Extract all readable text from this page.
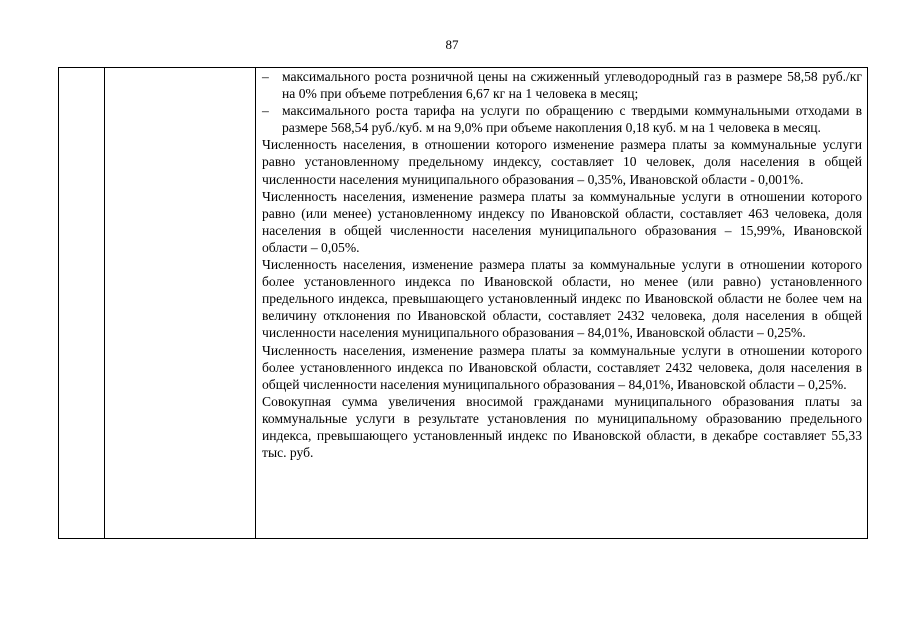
87
– максимального роста розничной цены на сжиженный углеводородный газ в размере 58,58 руб./кг на 0% при объеме потребления 6,67 кг на 1 человека в месяц;
– максимального роста тарифа на услуги по обращению с твердыми коммунальными отходами в размере 568,54 руб./куб. м на 9,0% при объеме накопления 0,18 куб. м на 1 человека в месяц.

Численность населения, в отношении которого изменение размера платы за коммунальные услуги равно установленному предельному индексу, составляет 10 человек, доля населения в общей численности населения муниципального образования – 0,35%, Ивановской области - 0,001%.

Численность населения, изменение размера платы за коммунальные услуги в отношении которого равно (или менее) установленному индексу по Ивановской области, составляет 463 человека, доля населения в общей численности населения муниципального образования – 15,99%, Ивановской области – 0,05%.

Численность населения, изменение размера платы за коммунальные услуги в отношении которого более установленного индекса по Ивановской области, но менее (или равно) установленного предельного индекса, превышающего установленный индекс по Ивановской области не более чем на величину отклонения по Ивановской области, составляет 2432 человека, доля населения в общей численности населения муниципального образования – 84,01%, Ивановской области – 0,25%.

Численность населения, изменение размера платы за коммунальные услуги в отношении которого более установленного индекса по Ивановской области, составляет 2432 человека, доля населения в общей численности населения муниципального образования – 84,01%, Ивановской области – 0,25%.

Совокупная сумма увеличения вносимой гражданами муниципального образования платы за коммунальные услуги в результате установления по муниципальному образованию предельного индекса, превышающего установленный индекс по Ивановской области, в декабре составляет 55,33 тыс. руб.
